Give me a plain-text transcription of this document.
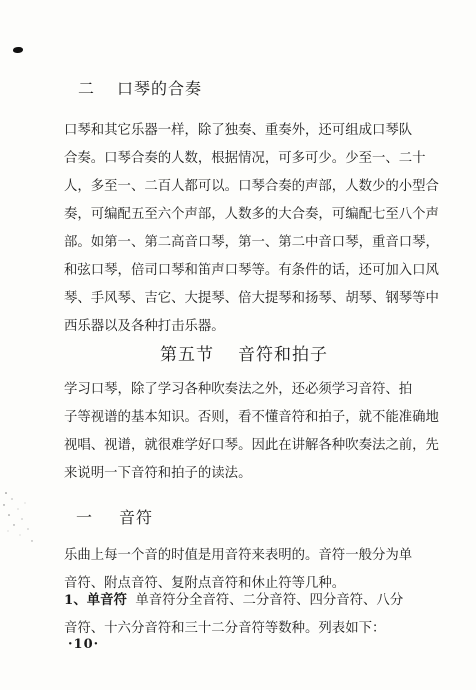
二 口琴的合奏
口琴和其它乐器一样，除了独奏、重奏外，还可组成口琴队
合奏。口琴合奏的人数，根据情况，可多可少。少至一、二十
人，多至一、二百人都可以。口琴合奏的声部，人数少的小型合
奏，可编配五至六个声部，人数多的大合奏，可编配七至八个声
部。如第一、第二高音口琴，第一、第二中音口琴，重音口琴，
和弦口琴，倍司口琴和笛声口琴等。有条件的话，还可加入口风
琴、手风琴、吉它、大提琴、倍大提琴和扬琴、胡琴、钢琴等中
西乐器以及各种打击乐器。
第五节 音符和拍子
学习口琴，除了学习各种吹奏法之外，还必须学习音符、拍
子等视谱的基本知识。否则，看不懂音符和拍子，就不能准确地
视唱、视谱，就很难学好口琴。因此在讲解各种吹奏法之前，先
来说明一下音符和拍子的读法。
一 音符
乐曲上每一个音的时值是用音符来表明的。音符一般分为单
音符、附点音符、复附点音符和休止符等几种。
1、单音符 单音符分全音符、二分音符、四分音符、八分
音符、十六分音符和三十二分音符等数种。列表如下：
·10·
